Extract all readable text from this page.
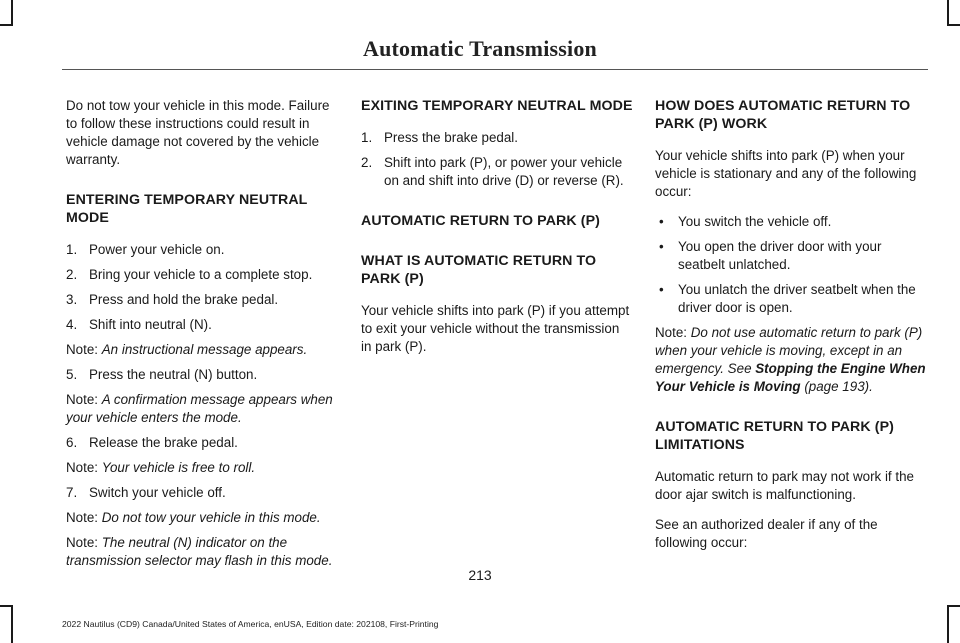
Automatic Transmission

Do not tow your vehicle in this mode. Failure to follow these instructions could result in vehicle damage not covered by the vehicle warranty.

ENTERING TEMPORARY NEUTRAL MODE
1. Power your vehicle on.
2. Bring your vehicle to a complete stop.
3. Press and hold the brake pedal.
4. Shift into neutral (N).
Note: An instructional message appears.
5. Press the neutral (N) button.
Note: A confirmation message appears when your vehicle enters the mode.
6. Release the brake pedal.
Note: Your vehicle is free to roll.
7. Switch your vehicle off.
Note: Do not tow your vehicle in this mode.
Note: The neutral (N) indicator on the transmission selector may flash in this mode.
EXITING TEMPORARY NEUTRAL MODE
1. Press the brake pedal.
2. Shift into park (P), or power your vehicle on and shift into drive (D) or reverse (R).
AUTOMATIC RETURN TO PARK (P)
WHAT IS AUTOMATIC RETURN TO PARK (P)

Your vehicle shifts into park (P) if you attempt to exit your vehicle without the transmission in park (P).

HOW DOES AUTOMATIC RETURN TO PARK (P) WORK

Your vehicle shifts into park (P) when your vehicle is stationary and any of the following occur:

• You switch the vehicle off.
• You open the driver door with your seatbelt unlatched.
• You unlatch the driver seatbelt when the driver door is open.
Note: Do not use automatic return to park (P) when your vehicle is moving, except in an emergency. See Stopping the Engine When Your Vehicle is Moving (page 193).
AUTOMATIC RETURN TO PARK (P) LIMITATIONS

Automatic return to park may not work if the door ajar switch is malfunctioning.

See an authorized dealer if any of the following occur:

213
2022 Nautilus (CD9) Canada/United States of America, enUSA, Edition date: 202108, First-Printing
